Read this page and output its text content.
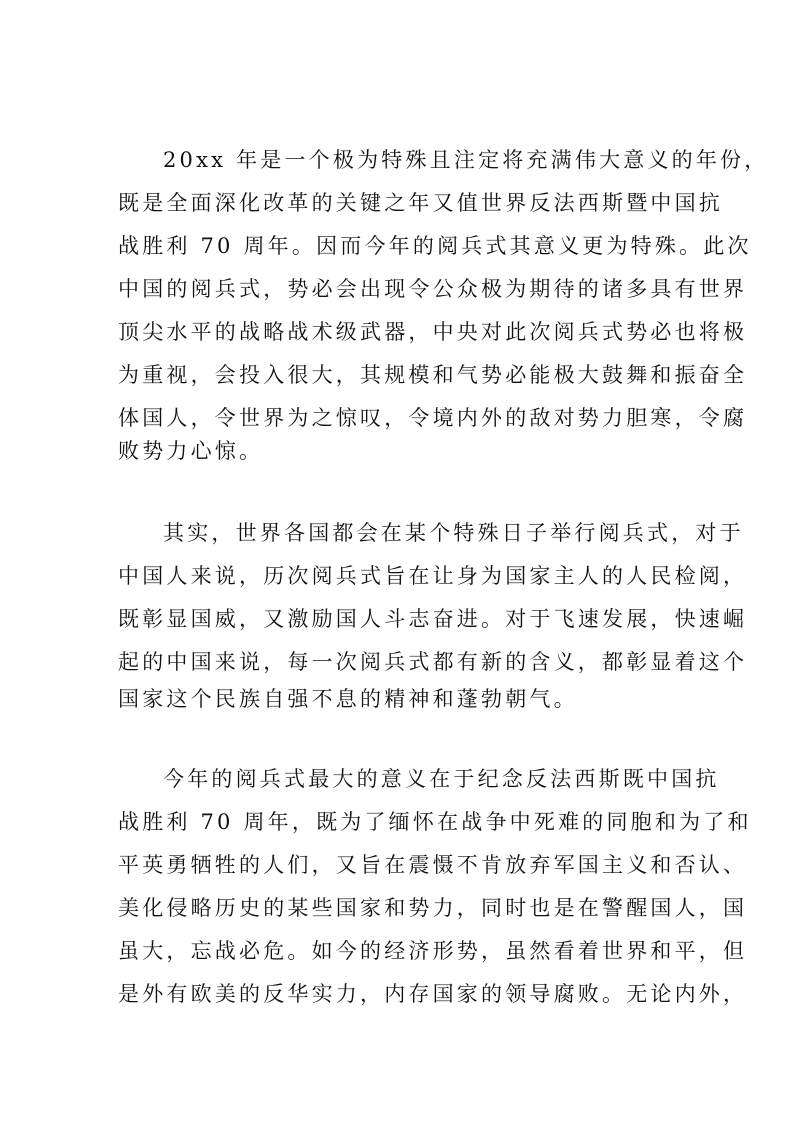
20xx 年是一个极为特殊且注定将充满伟大意义的年份，
既是全面深化改革的关键之年又值世界反法西斯暨中国抗
战胜利 70 周年。因而今年的阅兵式其意义更为特殊。此次
中国的阅兵式，势必会出现令公众极为期待的诸多具有世界
顶尖水平的战略战术级武器，中央对此次阅兵式势必也将极
为重视，会投入很大，其规模和气势必能极大鼓舞和振奋全
体国人，令世界为之惊叹，令境内外的敌对势力胆寒，令腐
败势力心惊。
其实，世界各国都会在某个特殊日子举行阅兵式，对于
中国人来说，历次阅兵式旨在让身为国家主人的人民检阅，
既彰显国威，又激励国人斗志奋进。对于飞速发展，快速崛
起的中国来说，每一次阅兵式都有新的含义，都彰显着这个
国家这个民族自强不息的精神和蓬勃朝气。
今年的阅兵式最大的意义在于纪念反法西斯既中国抗
战胜利 70 周年，既为了缅怀在战争中死难的同胞和为了和
平英勇牺牲的人们，又旨在震慑不肯放弃军国主义和否认、
美化侵略历史的某些国家和势力，同时也是在警醒国人，国
虽大，忘战必危。如今的经济形势，虽然看着世界和平，但
是外有欧美的反华实力，内存国家的领导腐败。无论内外，
